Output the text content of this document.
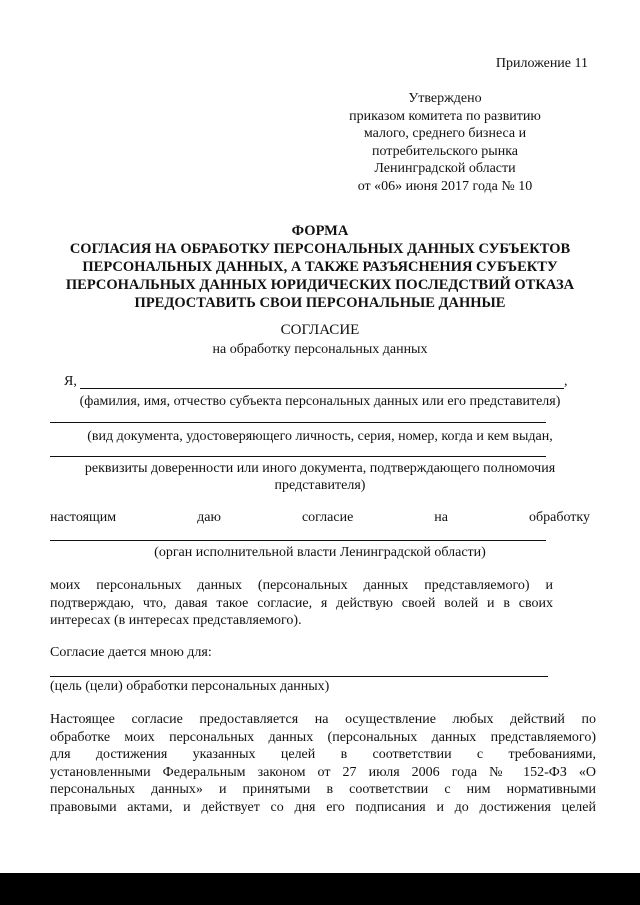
Приложение 11
Утверждено
приказом комитета по развитию
малого, среднего бизнеса и
потребительского рынка
Ленинградской области
от «06» июня 2017 года № 10
ФОРМА
СОГЛАСИЯ НА ОБРАБОТКУ ПЕРСОНАЛЬНЫХ ДАННЫХ СУБЪЕКТОВ
ПЕРСОНАЛЬНЫХ ДАННЫХ, А ТАКЖЕ РАЗЪЯСНЕНИЯ СУБЪЕКТУ
ПЕРСОНАЛЬНЫХ ДАННЫХ ЮРИДИЧЕСКИХ ПОСЛЕДСТВИЙ ОТКАЗА
ПРЕДОСТАВИТЬ СВОИ ПЕРСОНАЛЬНЫЕ ДАННЫЕ
СОГЛАСИЕ
на обработку персональных данных
Я,	,
(фамилия, имя, отчество субъекта персональных данных или его представителя)
(вид документа, удостоверяющего личность, серия, номер, когда и кем выдан,
реквизиты доверенности или иного документа, подтверждающего полномочия
представителя)
настоящим	даю	согласие	на	обработку
(орган исполнительной власти Ленинградской области)
моих персональных данных (персональных данных представляемого) и
подтверждаю, что, давая такое согласие, я действую своей волей и в своих
интересах (в интересах представляемого).
Согласие дается мною для:
(цель (цели) обработки персональных данных)
Настоящее согласие предоставляется на осуществление любых действий по
обработке моих персональных данных (персональных данных представляемого)
для достижения указанных целей в соответствии с требованиями,
установленными Федеральным законом от 27 июля 2006 года № 152-ФЗ «О
персональных данных» и принятыми в соответствии с ним нормативными
правовыми актами, и действует со дня его подписания и до достижения целей
